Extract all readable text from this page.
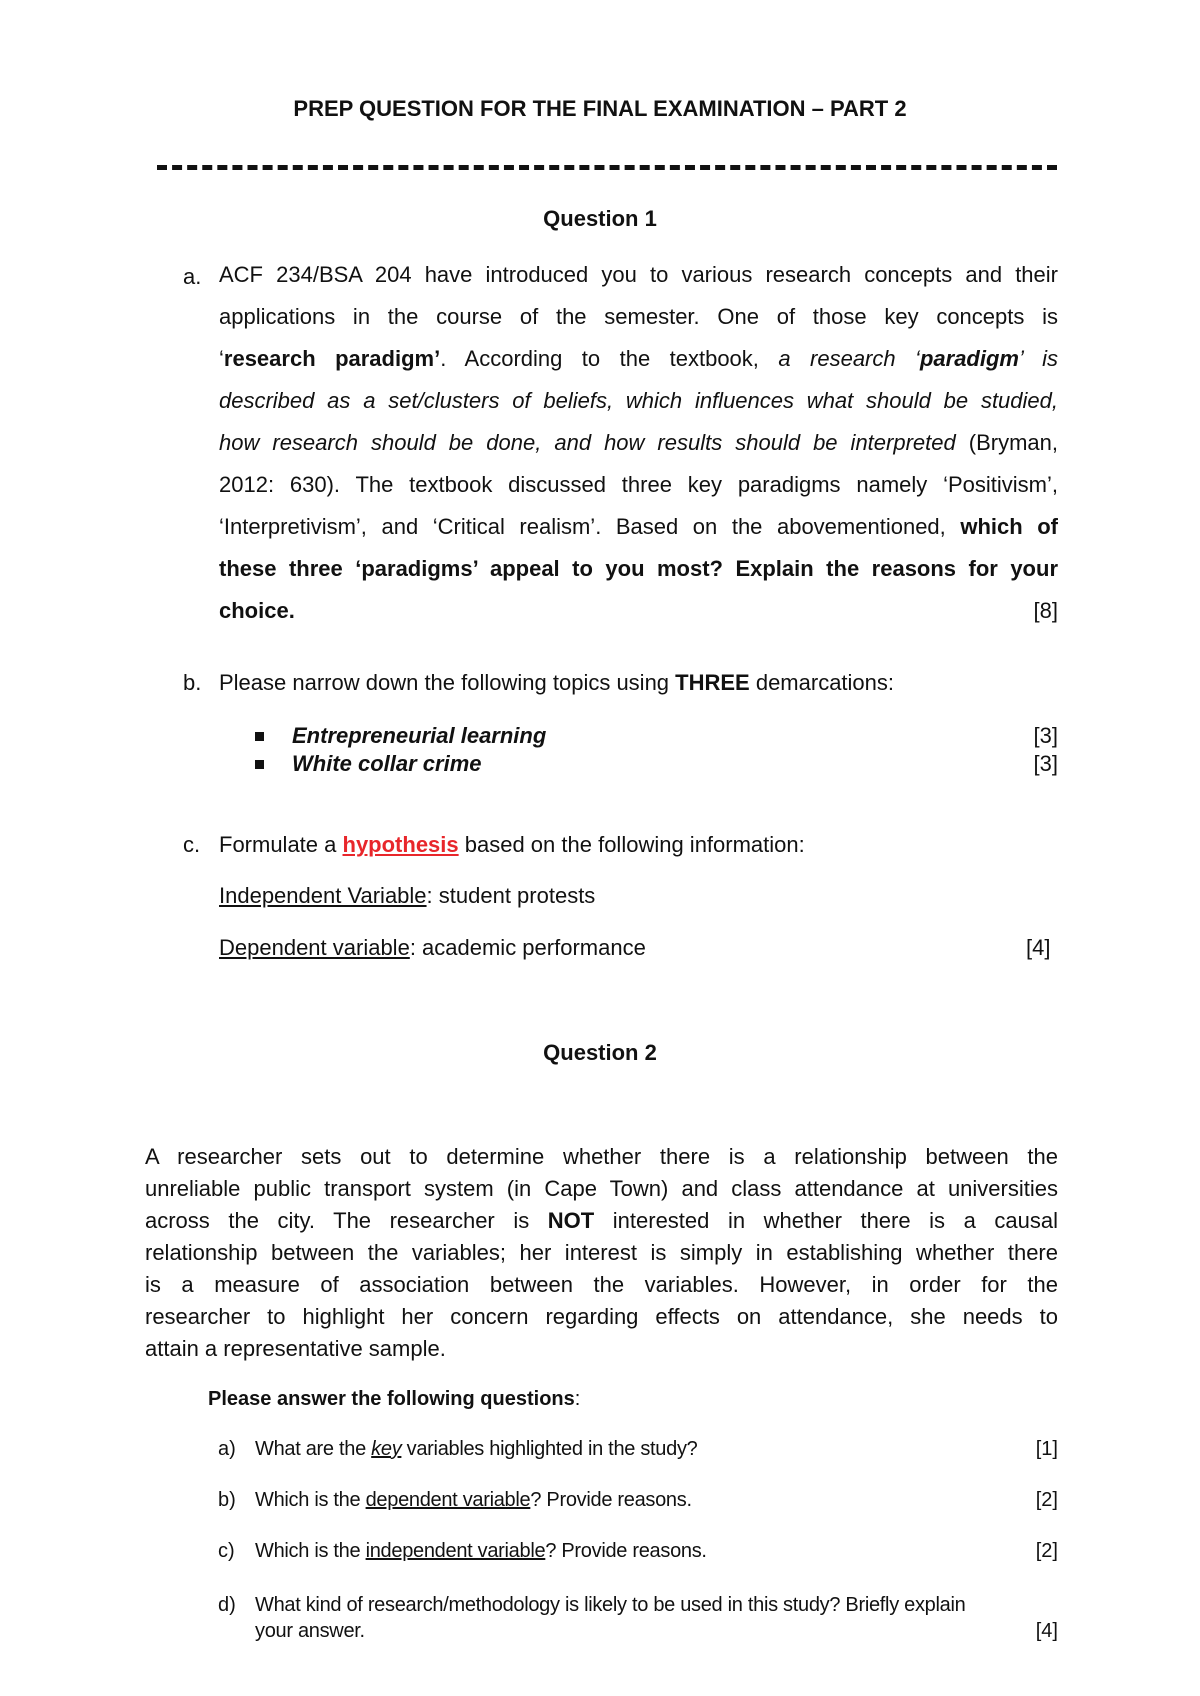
PREP QUESTION FOR THE FINAL EXAMINATION – PART 2
Question 1
a. ACF 234/BSA 204 have introduced you to various research concepts and their
applications in the course of the semester. One of those key concepts is
‘research paradigm’. According to the textbook, a research ‘paradigm’ is
described as a set/clusters of beliefs, which influences what should be studied,
how research should be done, and how results should be interpreted (Bryman,
2012: 630). The textbook discussed three key paradigms namely ‘Positivism’,
‘Interpretivism’, and ‘Critical realism’. Based on the abovementioned, which of
these three ‘paradigms’ appeal to you most? Explain the reasons for your
choice.	[8]
b. Please narrow down the following topics using THREE demarcations:
Entrepreneurial learning	[3]
White collar crime	[3]
c. Formulate a hypothesis based on the following information:
Independent Variable: student protests
Dependent variable: academic performance	[4]
Question 2
A researcher sets out to determine whether there is a relationship between the
unreliable public transport system (in Cape Town) and class attendance at universities
across the city. The researcher is NOT interested in whether there is a causal
relationship between the variables; her interest is simply in establishing whether there
is a measure of association between the variables. However, in order for the
researcher to highlight her concern regarding effects on attendance, she needs to
attain a representative sample.
Please answer the following questions:
a) What are the key variables highlighted in the study?	[1]
b) Which is the dependent variable? Provide reasons.	[2]
c) Which is the independent variable? Provide reasons.	[2]
d) What kind of research/methodology is likely to be used in this study? Briefly explain
your answer.	[4]
